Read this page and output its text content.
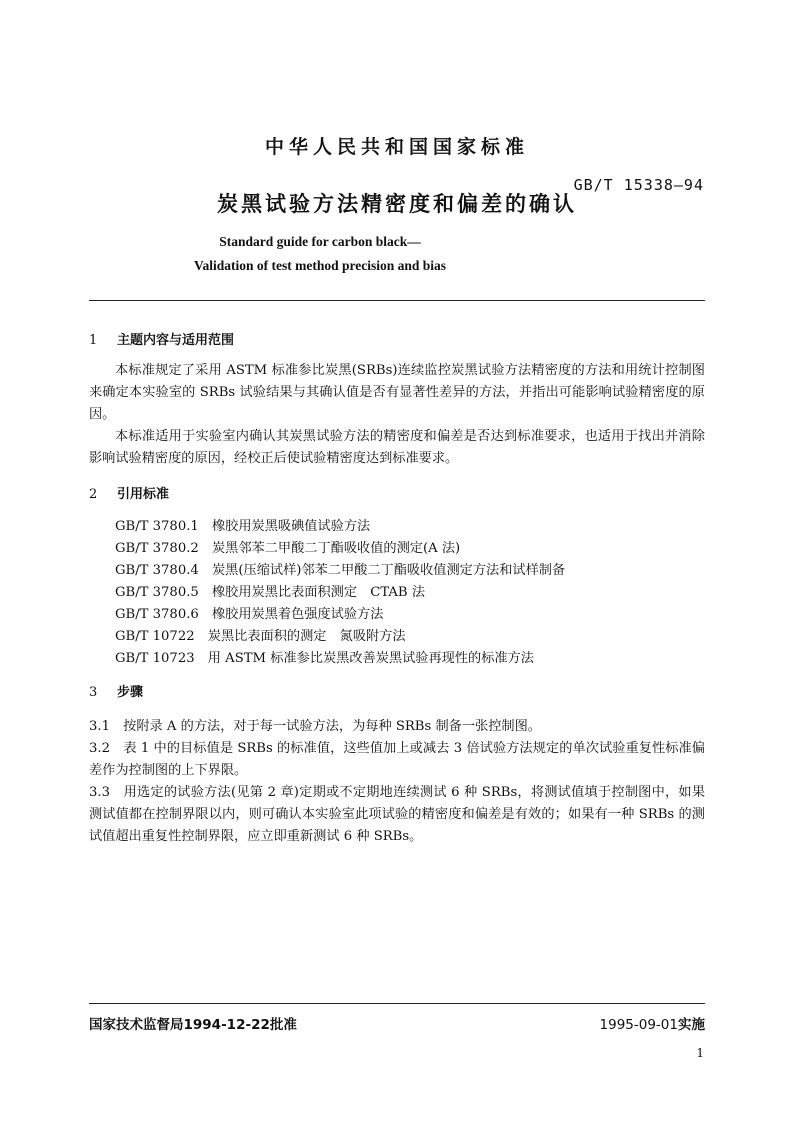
中华人民共和国国家标准
GB/T 15338—94
炭黑试验方法精密度和偏差的确认
Standard guide for carbon black—
Validation of test method precision and bias
1 主题内容与适用范围

本标准规定了采用 ASTM 标准参比炭黑(SRBs)连续监控炭黑试验方法精密度的方法和用统计控制图来确定本实验室的 SRBs 试验结果与其确认值是否有显著性差异的方法，并指出可能影响试验精密度的原因。

本标准适用于实验室内确认其炭黑试验方法的精密度和偏差是否达到标准要求，也适用于找出并消除影响试验精密度的原因，经校正后使试验精密度达到标准要求。

2 引用标准
GB/T 3780.1　 橡胶用炭黑吸碘值试验方法
GB/T 3780.2　 炭黑邻苯二甲酸二丁酯吸收值的测定(A 法)
GB/T 3780.4　 炭黑(压缩试样)邻苯二甲酸二丁酯吸收值测定方法和试样制备
GB/T 3780.5　 橡胶用炭黑比表面积测定　CTAB 法
GB/T 3780.6　 橡胶用炭黑着色强度试验方法
GB/T 10722　 炭黑比表面积的测定　氮吸附方法
GB/T 10723　 用 ASTM 标准参比炭黑改善炭黑试验再现性的标准方法
3 步骤

3.1　 按附录 A 的方法，对于每一试验方法，为每种 SRBs 制备一张控制图。

3.2　 表 1 中的目标值是 SRBs 的标准值，这些值加上或减去 3 倍试验方法规定的单次试验重复性标准偏差作为控制图的上下界限。

3.3　 用选定的试验方法(见第 2 章)定期或不定期地连续测试 6 种 SRBs，将测试值填于控制图中，如果测试值都在控制界限以内，则可确认本实验室此项试验的精密度和偏差是有效的；如果有一种 SRBs 的测试值超出重复性控制界限，应立即重新测试 6 种 SRBs。

国家技术监督局1994-12-22批准	1995-09-01实施
1
